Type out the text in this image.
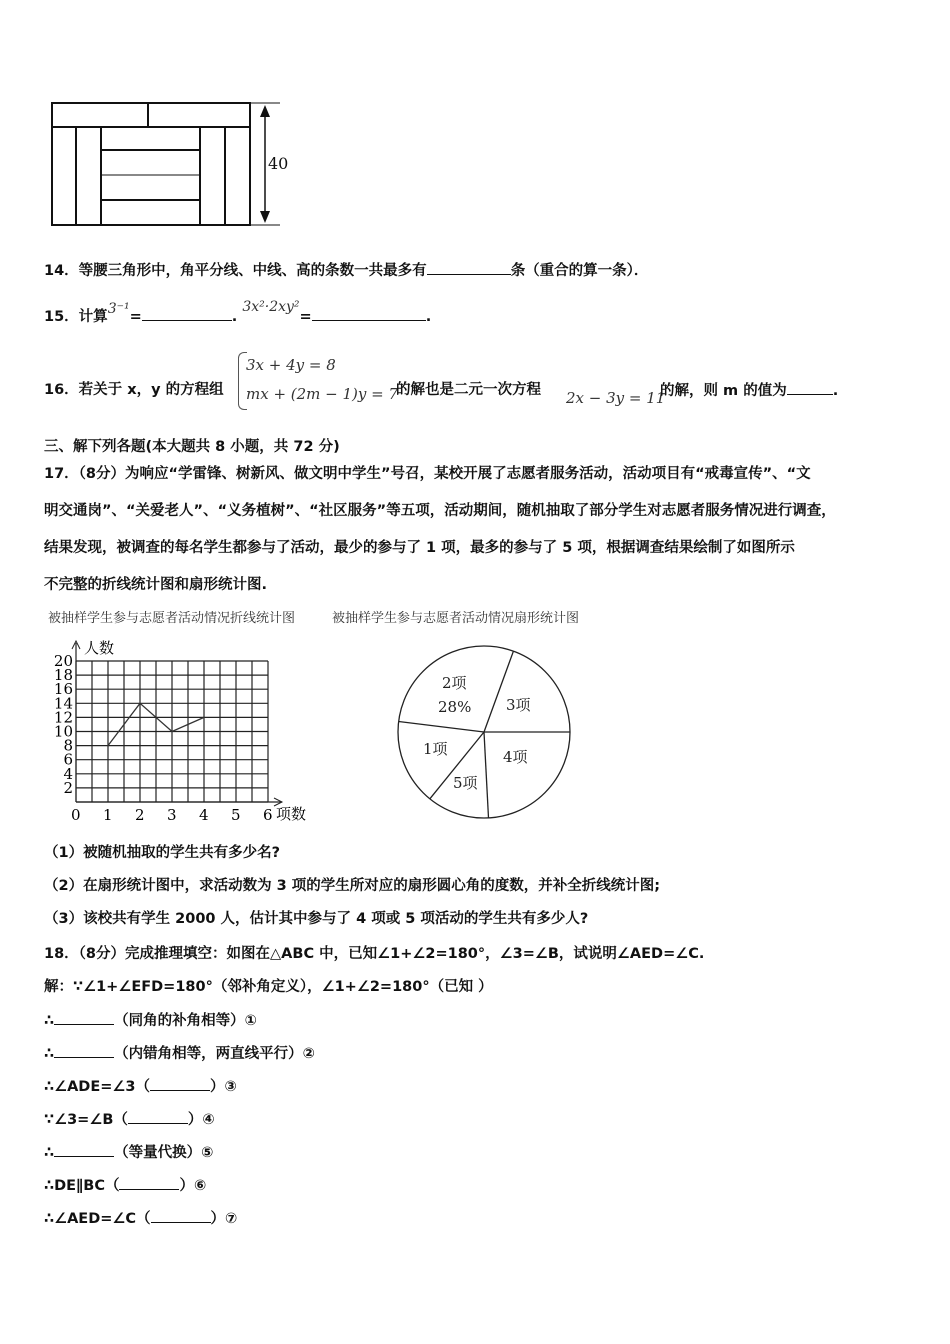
40
14．等腰三角形中，角平分线、中线、高的条数一共最多有	条（重合的算一条）．
15．计算3⁻¹=	. 3x²·2xy²=	.
16．若关于 x，y 的方程组
3x + 4y = 8
mx + (2m − 1)y = 7
的解也是二元一次方程 2x − 3y = 11
的解，则 m 的值为	.
三、解下列各题(本大题共 8 小题，共 72 分)
17．（8分）为响应“学雷锋、树新风、做文明中学生”号召，某校开展了志愿者服务活动，活动项目有“戒毒宣传”、“文
明交通岗”、“关爱老人”、“义务植树”、“社区服务”等五项，活动期间，随机抽取了部分学生对志愿者服务情况进行调查，
结果发现，被调查的每名学生都参与了活动，最少的参与了 1 项，最多的参与了 5 项，根据调查结果绘制了如图所示
不完整的折线统计图和扇形统计图.
被抽样学生参与志愿者活动情况折线统计图	被抽样学生参与志愿者活动情况扇形统计图
0 1 2 3 4 5 6
2
4
6
8
10
12
14
16
18
20
人数
项数
2项
28% 3项
4项
5项
1项
（1）被随机抽取的学生共有多少名?
（2）在扇形统计图中，求活动数为 3 项的学生所对应的扇形圆心角的度数，并补全折线统计图;
（3）该校共有学生 2000 人，估计其中参与了 4 项或 5 项活动的学生共有多少人?
18．（8分）完成推理填空：如图在△ABC 中，已知∠1+∠2=180°，∠3=∠B，试说明∠AED=∠C.
解：∵∠1+∠EFD=180°（邻补角定义），∠1+∠2=180°（已知 ）
∴	（同角的补角相等）①
∴	（内错角相等，两直线平行）②
∴∠ADE=∠3（	）③
∵∠3=∠B（	）④
∴	（等量代换）⑤
∴DE∥BC（	）⑥
∴∠AED=∠C（	）⑦
